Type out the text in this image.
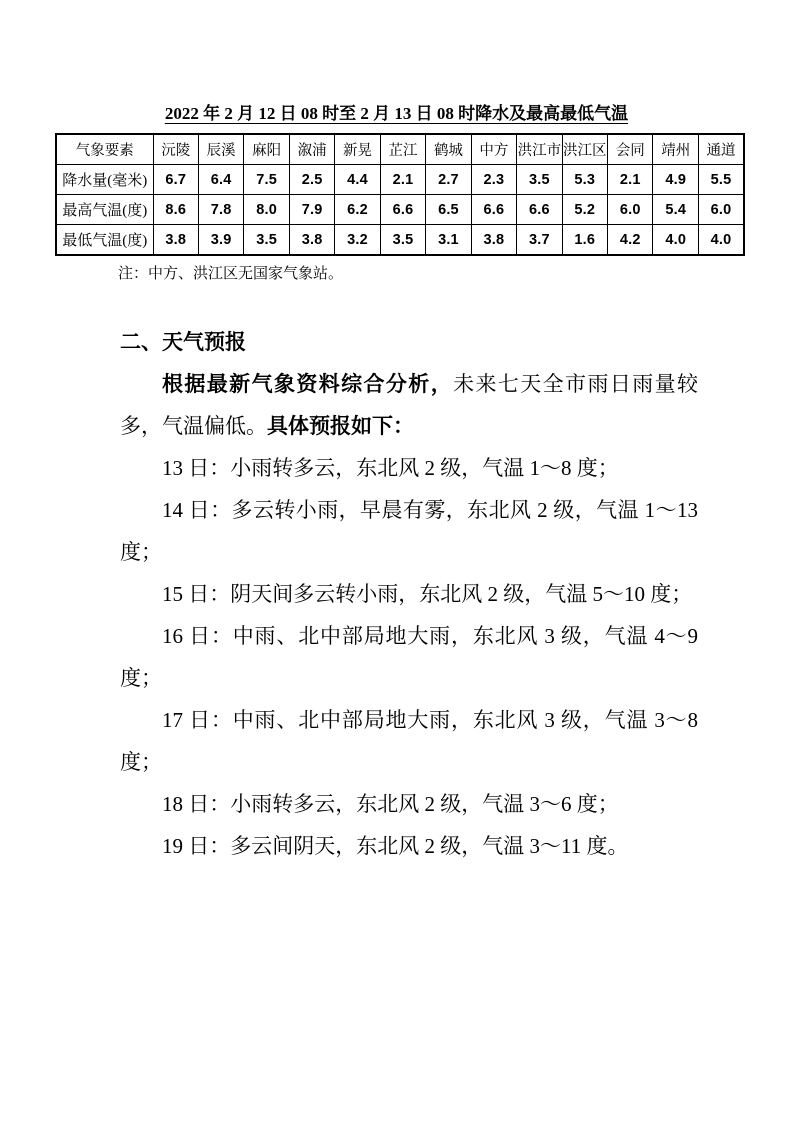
2022 年 2 月 12 日 08 时至 2 月 13 日 08 时降水及最高最低气温
气象要素	沅陵	辰溪	麻阳	溆浦	新晃	芷江	鹤城	中方	洪江市	洪江区	会同	靖州	通道
降水量(毫米)	6.7	6.4	7.5	2.5	4.4	2.1	2.7	2.3	3.5	5.3	2.1	4.9	5.5
最高气温(度)	8.6	7.8	8.0	7.9	6.2	6.6	6.5	6.6	6.6	5.2	6.0	5.4	6.0
最低气温(度)	3.8	3.9	3.5	3.8	3.2	3.5	3.1	3.8	3.7	1.6	4.2	4.0	4.0
注：中方、洪江区无国家气象站。
二、天气预报

根据最新气象资料综合分析，未来七天全市雨日雨量较多，气温偏低。具体预报如下：

13 日：小雨转多云，东北风 2 级，气温 1～8 度；

14 日：多云转小雨，早晨有雾，东北风 2 级，气温 1～13 度；

15 日：阴天间多云转小雨，东北风 2 级，气温 5～10 度；

16 日：中雨、北中部局地大雨，东北风 3 级，气温 4～9 度；

17 日：中雨、北中部局地大雨，东北风 3 级，气温 3～8 度；

18 日：小雨转多云，东北风 2 级，气温 3～6 度；

19 日：多云间阴天，东北风 2 级，气温 3～11 度。
